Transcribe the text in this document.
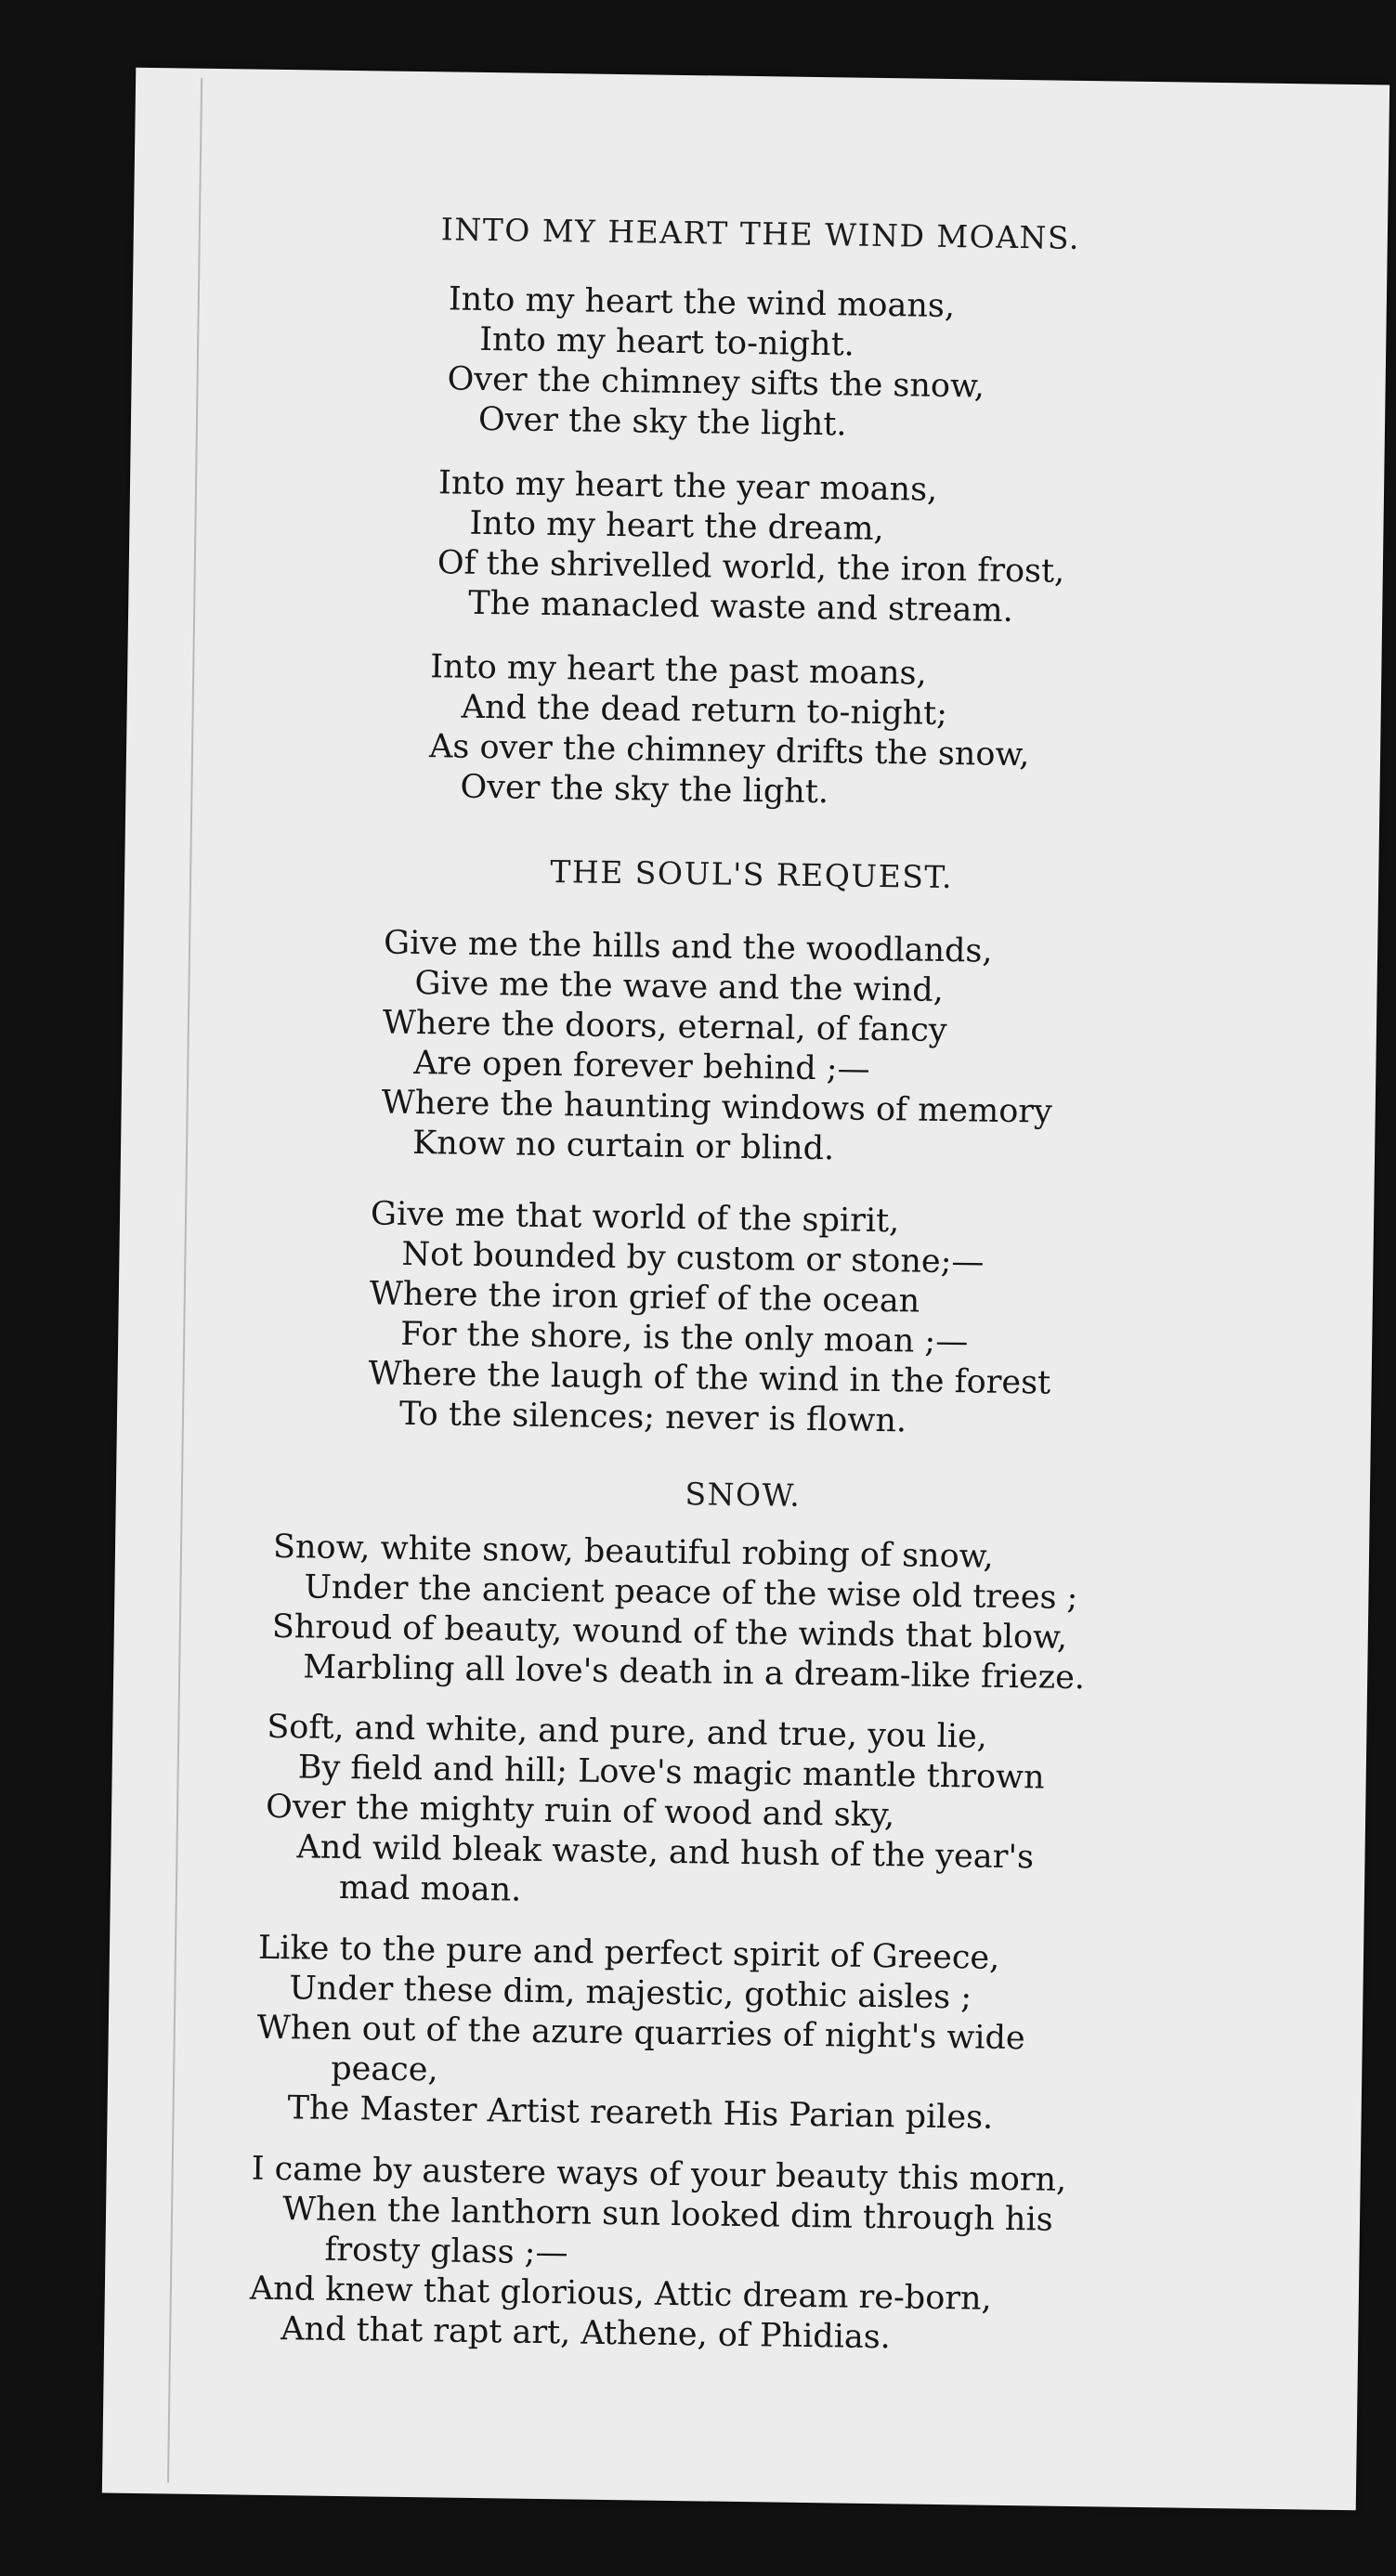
INTO MY HEART THE WIND MOANS.
Into my heart the wind moans,
Into my heart to-night.
Over the chimney sifts the snow,
Over the sky the light.
Into my heart the year moans,
Into my heart the dream,
Of the shrivelled world, the iron frost,
The manacled waste and stream.
Into my heart the past moans,
And the dead return to-night;
As over the chimney drifts the snow,
Over the sky the light.
THE SOUL'S REQUEST.
Give me the hills and the woodlands,
Give me the wave and the wind,
Where the doors, eternal, of fancy
Are open forever behind ;—
Where the haunting windows of memory
Know no curtain or blind.
Give me that world of the spirit,
Not bounded by custom or stone;—
Where the iron grief of the ocean
For the shore, is the only moan ;—
Where the laugh of the wind in the forest
To the silences; never is flown.
SNOW.
Snow, white snow, beautiful robing of snow,
Under the ancient peace of the wise old trees ;
Shroud of beauty, wound of the winds that blow,
Marbling all love's death in a dream-like frieze.
Soft, and white, and pure, and true, you lie,
By field and hill; Love's magic mantle thrown
Over the mighty ruin of wood and sky,
And wild bleak waste, and hush of the year's
mad moan.
Like to the pure and perfect spirit of Greece,
Under these dim, majestic, gothic aisles ;
When out of the azure quarries of night's wide
peace,
The Master Artist reareth His Parian piles.
I came by austere ways of your beauty this morn,
When the lanthorn sun looked dim through his
frosty glass ;—
And knew that glorious, Attic dream re-born,
And that rapt art, Athene, of Phidias.
